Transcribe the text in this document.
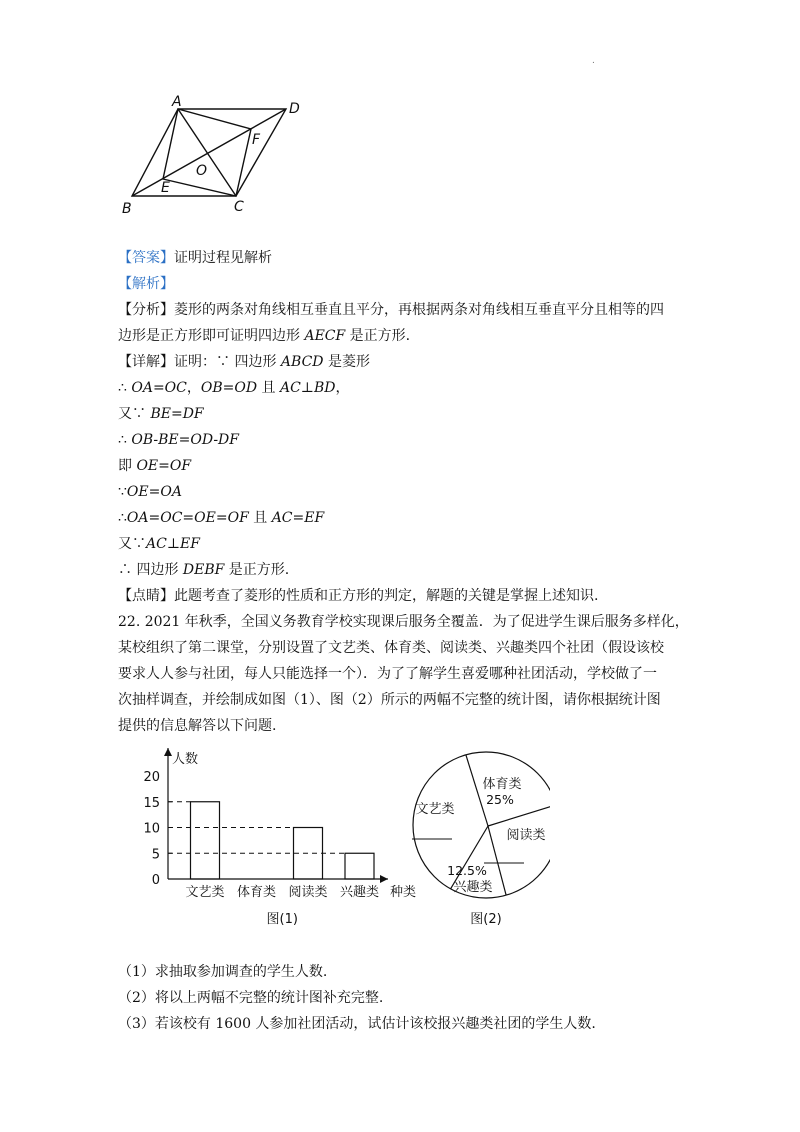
.
A	D
B	C
E
F
O
【答案】证明过程见解析
【解析】
【分析】菱形的两条对角线相互垂直且平分，再根据两条对角线相互垂直平分且相等的四
边形是正方形即可证明四边形 AECF 是正方形.
【详解】证明：∵ 四边形 ABCD 是菱形
∴ OA=OC，OB=OD 且 AC⊥BD，
又∵ BE=DF
∴ OB-BE=OD-DF
即 OE=OF
∵OE=OA
∴OA=OC=OE=OF 且 AC=EF
又∵AC⊥EF
∴ 四边形 DEBF 是正方形.
【点睛】此题考查了菱形的性质和正方形的判定，解题的关键是掌握上述知识.
22. 2021 年秋季，全国义务教育学校实现课后服务全覆盖．为了促进学生课后服务多样化，
某校组织了第二课堂，分别设置了文艺类、体育类、阅读类、兴趣类四个社团（假设该校
要求人人参与社团，每人只能选择一个）．为了了解学生喜爱哪种社团活动，学校做了一
次抽样调查，并绘制成如图（1）、图（2）所示的两幅不完整的统计图，请你根据统计图
提供的信息解答以下问题.
人数
0
5
10
15
20
文艺类 体育类 阅读类 兴趣类 种类
图(1)
体育类
25%
阅读类
兴趣类
12.5%
文艺类
图(2)
（1）求抽取参加调查的学生人数.
（2）将以上两幅不完整的统计图补充完整.
（3）若该校有 1600 人参加社团活动，试估计该校报兴趣类社团的学生人数.
